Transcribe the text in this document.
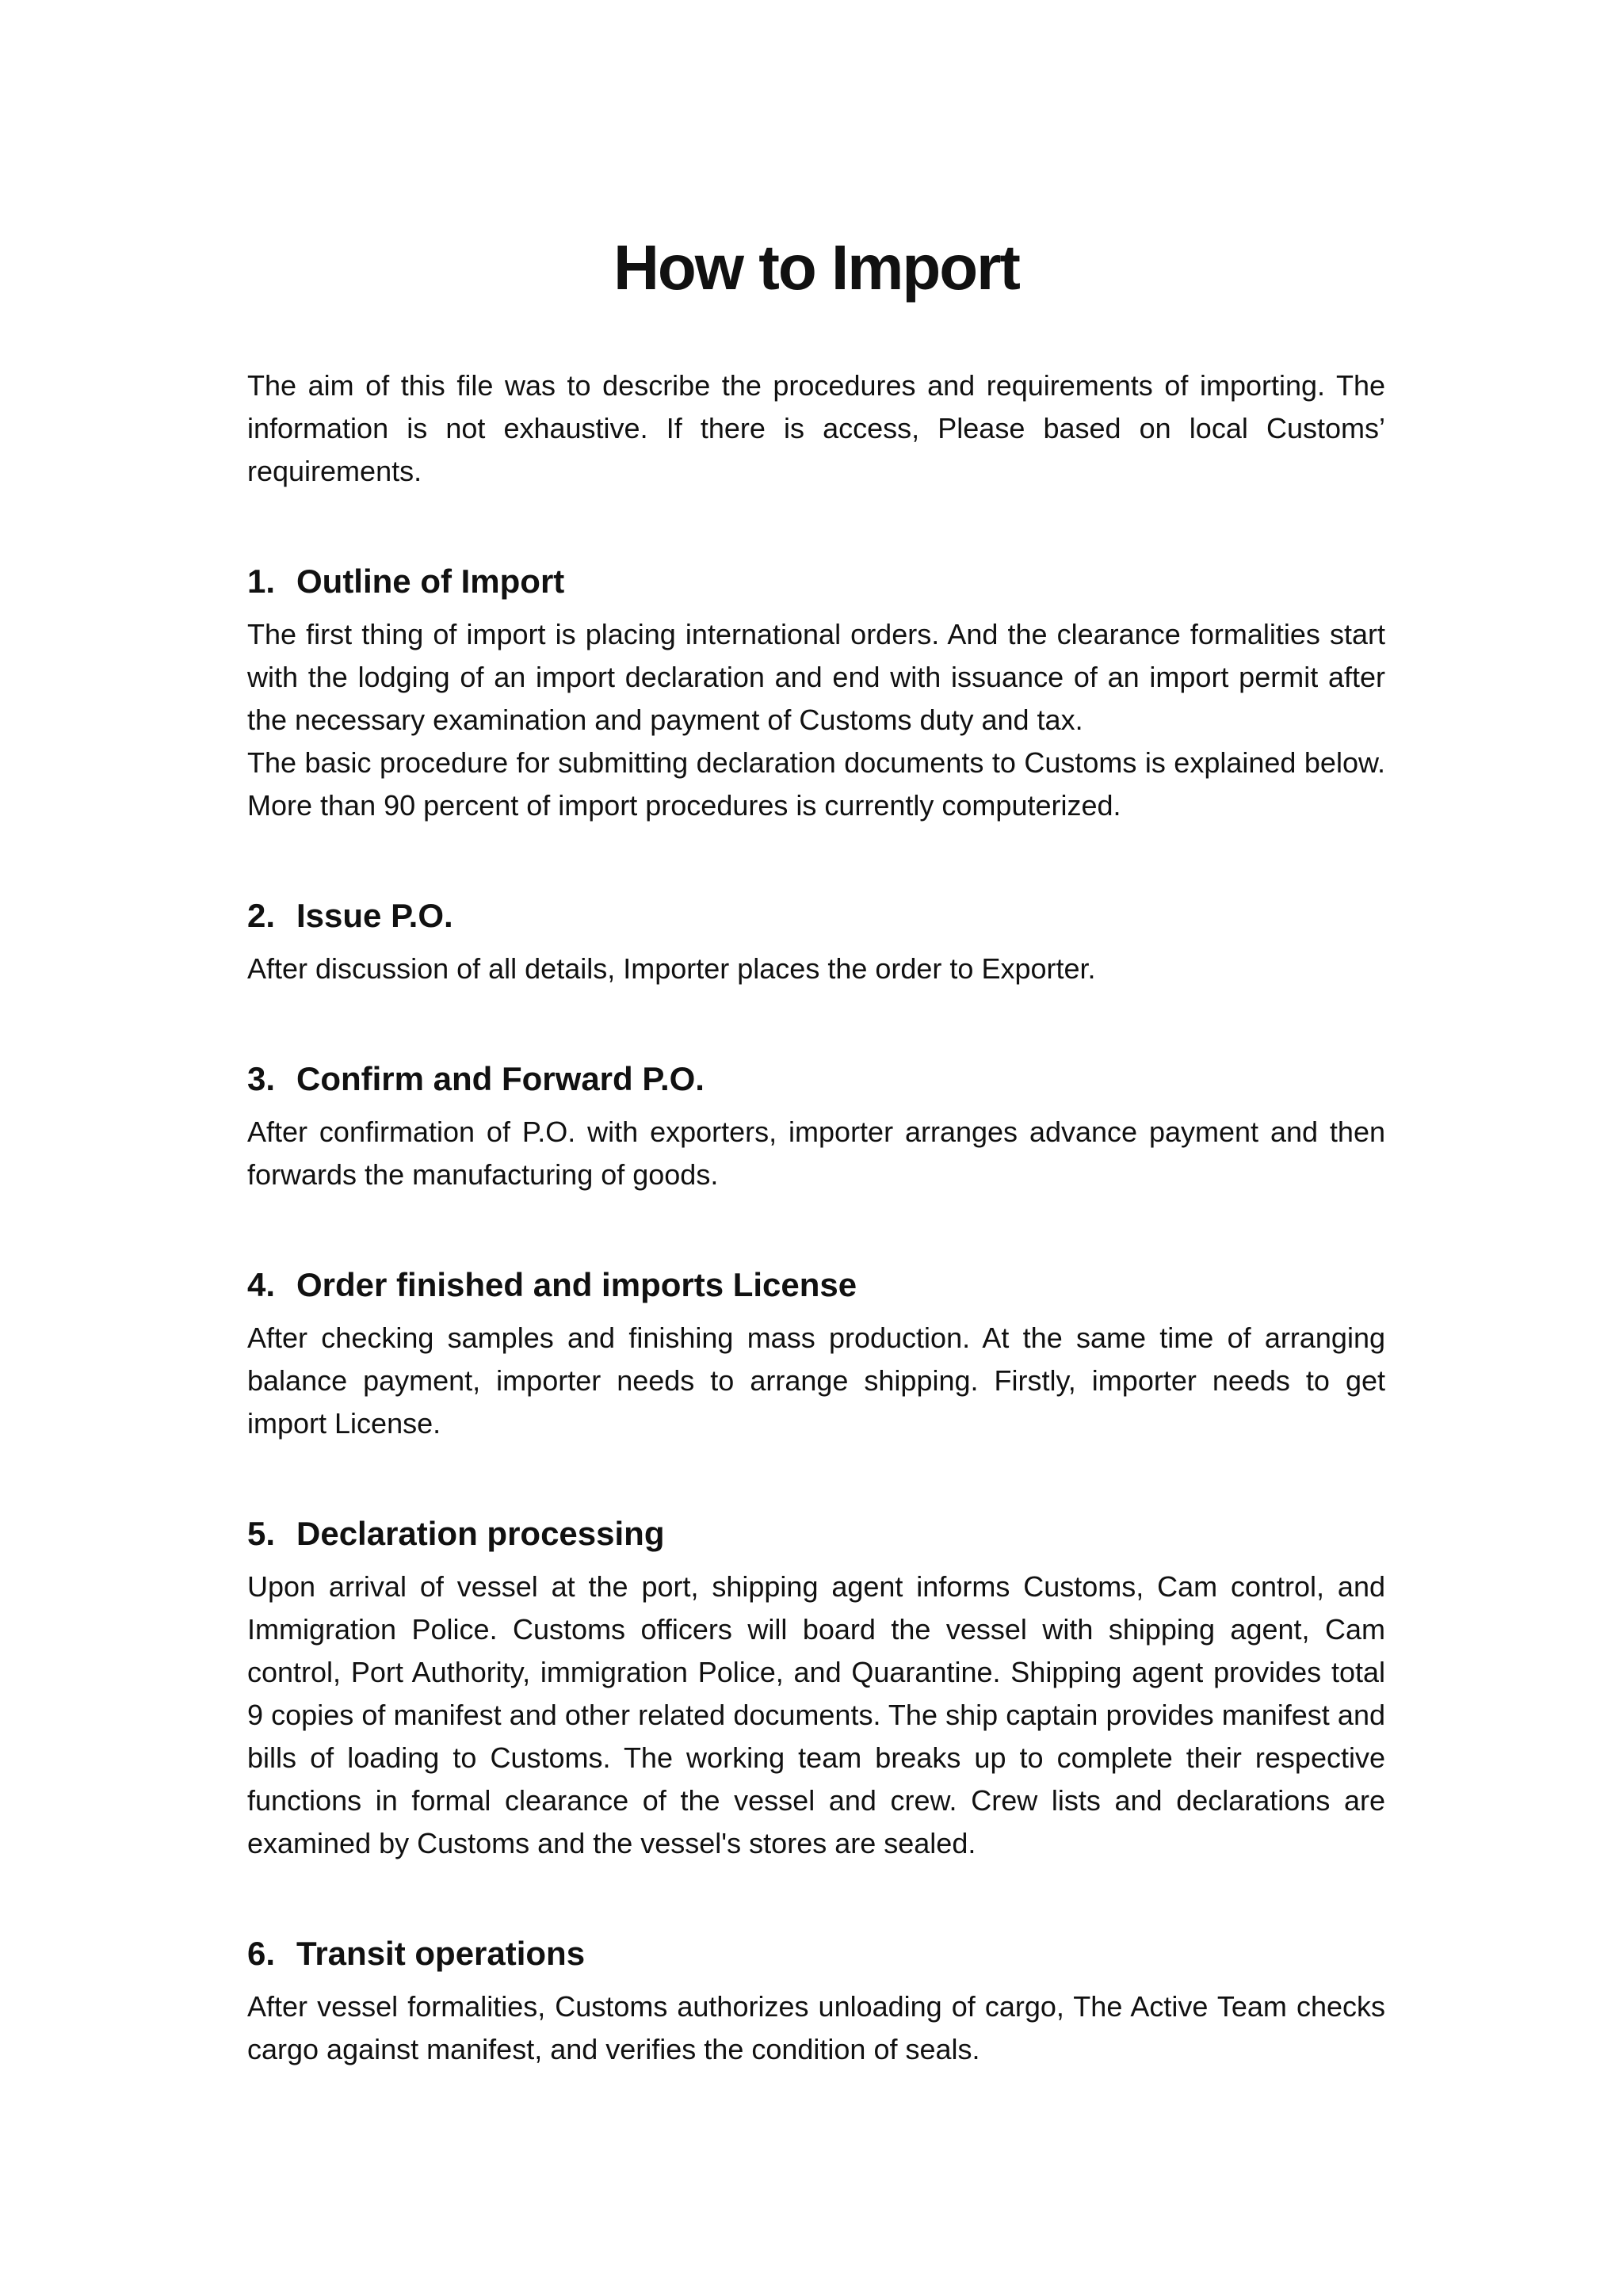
How to Import

The aim of this file was to describe the procedures and requirements of importing. The information is not exhaustive. If there is access, Please based on local Customs’ requirements.

1. Outline of Import

The first thing of import is placing international orders. And the clearance formalities start with the lodging of an import declaration and end with issuance of an import permit after the necessary examination and payment of Customs duty and tax.

The basic procedure for submitting declaration documents to Customs is explained below. More than 90 percent of import procedures is currently computerized.

2. Issue P.O.

After discussion of all details, Importer places the order to Exporter.

3. Confirm and Forward P.O.

After confirmation of P.O. with exporters, importer arranges advance payment and then forwards the manufacturing of goods.

4. Order finished and imports License

After checking samples and finishing mass production. At the same time of arranging balance payment, importer needs to arrange shipping. Firstly, importer needs to get import License.

5. Declaration processing

Upon arrival of vessel at the port, shipping agent informs Customs, Cam control, and Immigration Police. Customs officers will board the vessel with shipping agent, Cam control, Port Authority, immigration Police, and Quarantine. Shipping agent provides total 9 copies of manifest and other related documents. The ship captain provides manifest and bills of loading to Customs. The working team breaks up to complete their respective functions in formal clearance of the vessel and crew. Crew lists and declarations are examined by Customs and the vessel's stores are sealed.

6. Transit operations

After vessel formalities, Customs authorizes unloading of cargo, The Active Team checks cargo against manifest, and verifies the condition of seals.
